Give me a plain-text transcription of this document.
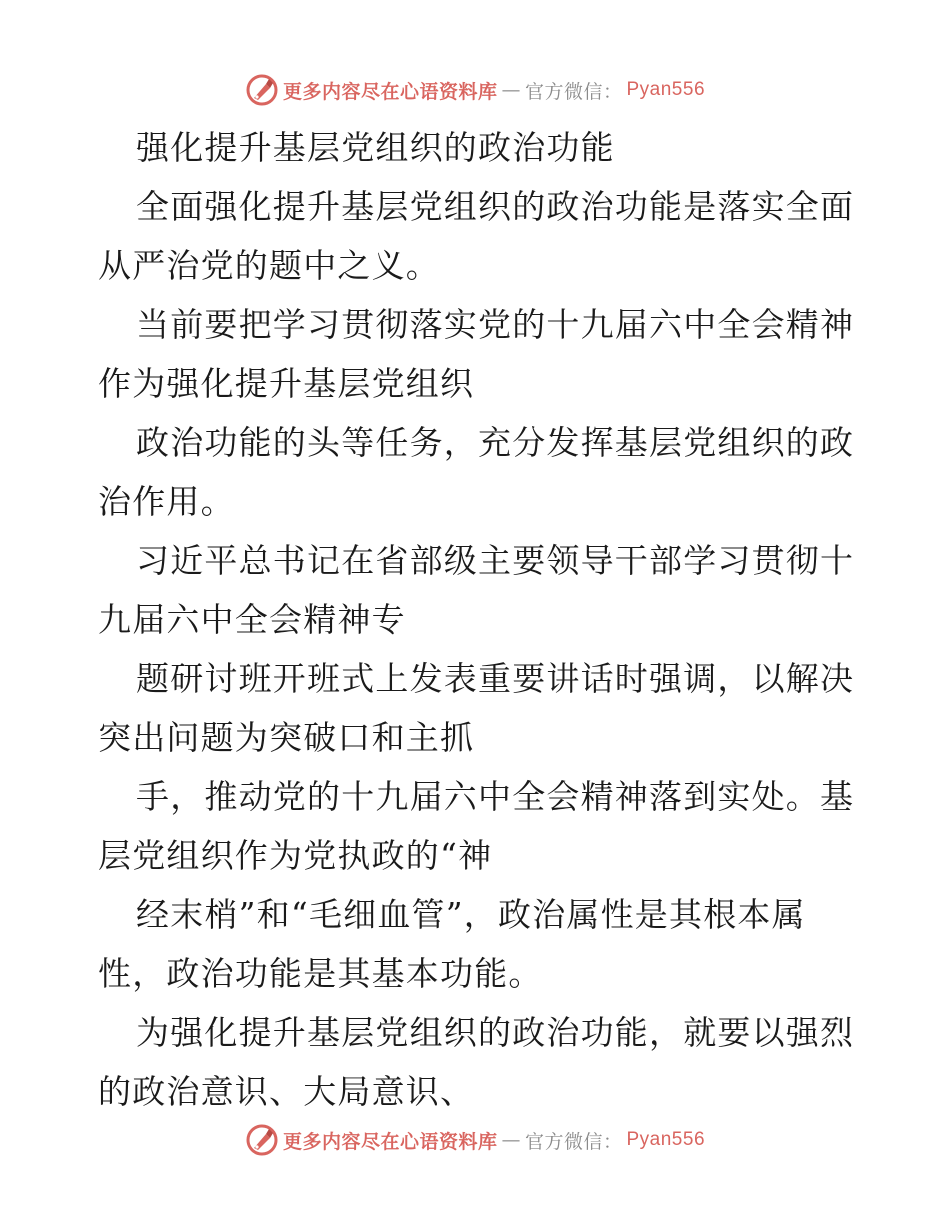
更多内容尽在心语资料库 — 官方微信： Pyan556
强化提升基层党组织的政治功能
全面强化提升基层党组织的政治功能是落实全面
从严治党的题中之义。
当前要把学习贯彻落实党的十九届六中全会精神
作为强化提升基层党组织
政治功能的头等任务，充分发挥基层党组织的政
治作用。
习近平总书记在省部级主要领导干部学习贯彻十
九届六中全会精神专
题研讨班开班式上发表重要讲话时强调，以解决
突出问题为突破口和主抓
手，推动党的十九届六中全会精神落到实处。基
层党组织作为党执政的“神
经末梢”和“毛细血管”，政治属性是其根本属
性，政治功能是其基本功能。
为强化提升基层党组织的政治功能，就要以强烈
的政治意识、大局意识、
更多内容尽在心语资料库 — 官方微信： Pyan556
